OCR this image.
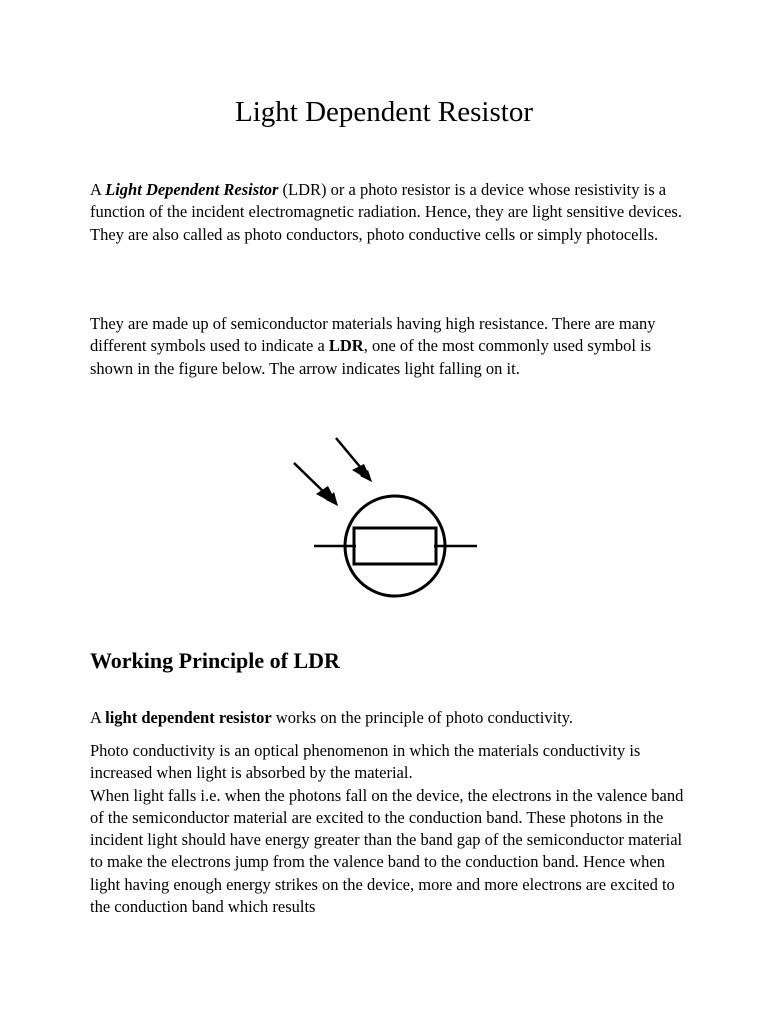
Light Dependent Resistor

A Light Dependent Resistor (LDR) or a photo resistor is a device whose resistivity is a function of the incident electromagnetic radiation. Hence, they are light sensitive devices. They are also called as photo conductors, photo conductive cells or simply photocells.

They are made up of semiconductor materials having high resistance. There are many different symbols used to indicate a LDR, one of the most commonly used symbol is shown in the figure below. The arrow indicates light falling on it.

Working Principle of LDR

A light dependent resistor works on the principle of photo conductivity.

Photo conductivity is an optical phenomenon in which the materials conductivity is increased when light is absorbed by the material.
When light falls i.e. when the photons fall on the device, the electrons in the valence band of the semiconductor material are excited to the conduction band. These photons in the incident light should have energy greater than the band gap of the semiconductor material to make the electrons jump from the valence band to the conduction band. Hence when light having enough energy strikes on the device, more and more electrons are excited to the conduction band which results
